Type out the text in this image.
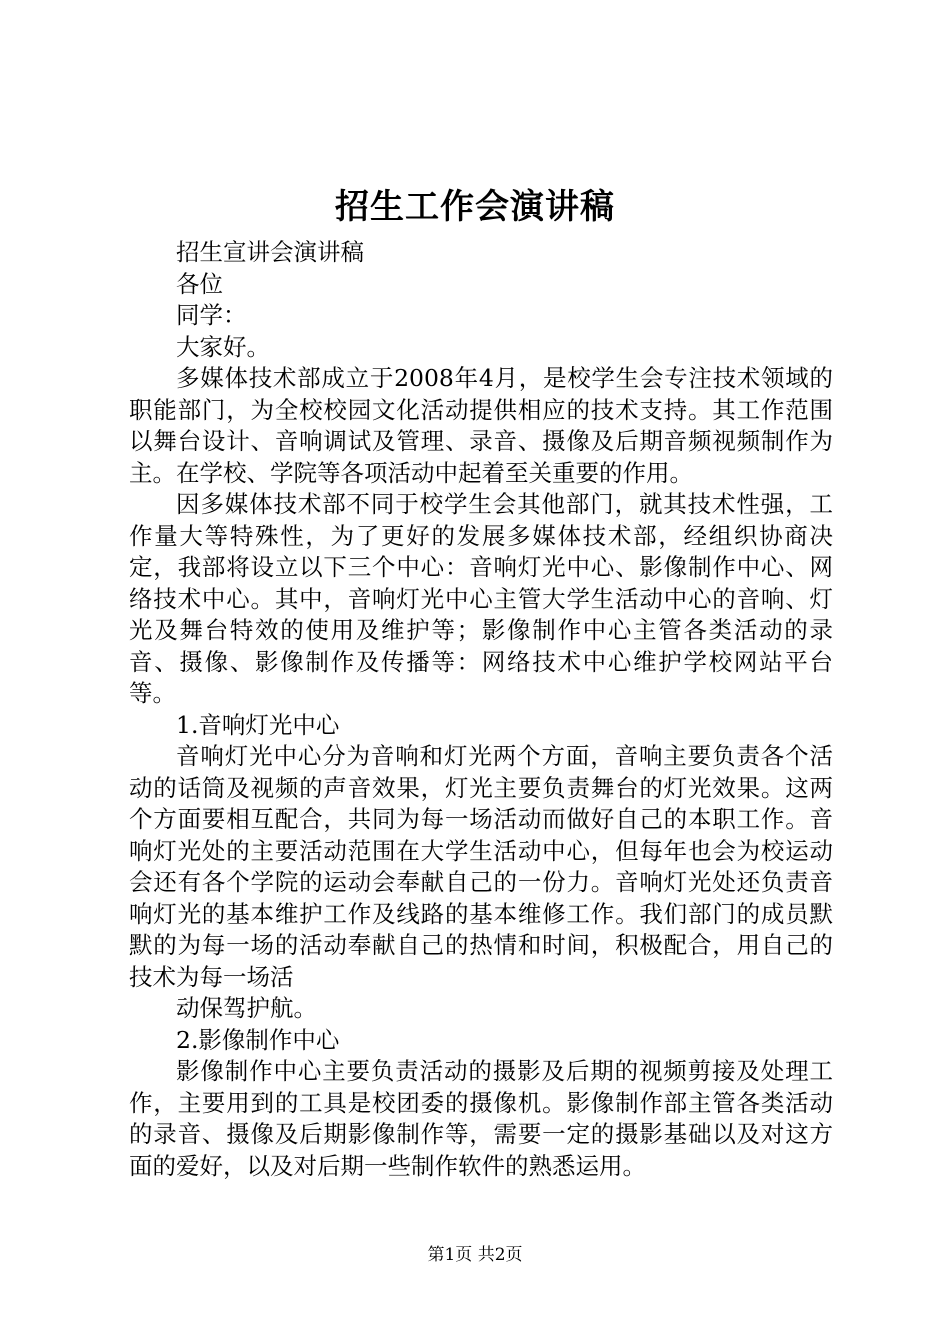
招生工作会演讲稿

招生宣讲会演讲稿

各位

同学：

大家好。

多媒体技术部成立于2008年4月，是校学生会专注技术领域的职能部门，为全校校园文化活动提供相应的技术支持。其工作范围以舞台设计、音响调试及管理、录音、摄像及后期音频视频制作为主。在学校、学院等各项活动中起着至关重要的作用。

因多媒体技术部不同于校学生会其他部门，就其技术性强，工作量大等特殊性，为了更好的发展多媒体技术部，经组织协商决定，我部将设立以下三个中心：音响灯光中心、影像制作中心、网络技术中心。其中，音响灯光中心主管大学生活动中心的音响、灯光及舞台特效的使用及维护等；影像制作中心主管各类活动的录音、摄像、影像制作及传播等：网络技术中心维护学校网站平台等。

1.音响灯光中心

音响灯光中心分为音响和灯光两个方面，音响主要负责各个活动的话筒及视频的声音效果，灯光主要负责舞台的灯光效果。这两个方面要相互配合，共同为每一场活动而做好自己的本职工作。音响灯光处的主要活动范围在大学生活动中心，但每年也会为校运动会还有各个学院的运动会奉献自己的一份力。音响灯光处还负责音响灯光的基本维护工作及线路的基本维修工作。我们部门的成员默默的为每一场的活动奉献自己的热情和时间，积极配合，用自己的技术为每一场活

动保驾护航。

2.影像制作中心

影像制作中心主要负责活动的摄影及后期的视频剪接及处理工作，主要用到的工具是校团委的摄像机。影像制作部主管各类活动的录音、摄像及后期影像制作等，需要一定的摄影基础以及对这方面的爱好，以及对后期一些制作软件的熟悉运用。

第1页 共2页
